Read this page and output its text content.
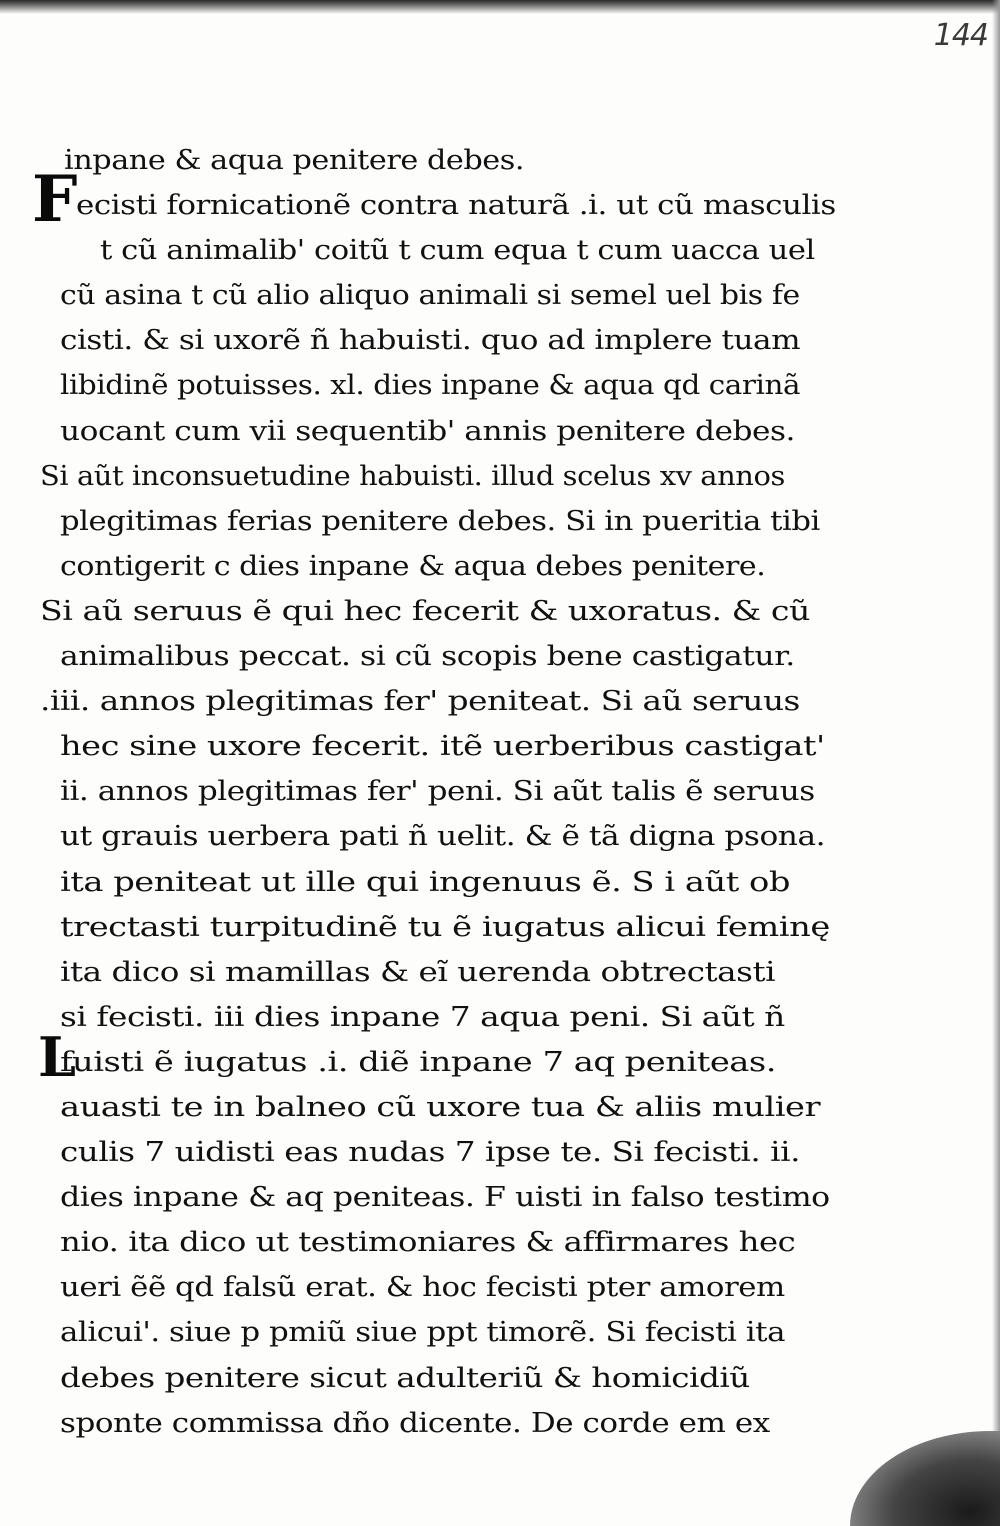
144
F
L
inpane & aqua penitere debes.
ecisti fornicationẽ contra naturã .i. ut cũ masculis
t cũ animalib' coitũ t cum equa t cum uacca uel
cũ asina t cũ alio aliquo animali si semel uel bis fe
cisti. & si uxorẽ ñ habuisti. quo ad implere tuam
libidinẽ potuisses. xl. dies inpane & aqua qd carinã
uocant cum vii sequentib' annis penitere debes.
Si aũt inconsuetudine habuisti. illud scelus xv annos
plegitimas ferias penitere debes. Si in pueritia tibi
contigerit c dies inpane & aqua debes penitere.
Si aũ seruus ẽ qui hec fecerit & uxoratus. & cũ
animalibus peccat. si cũ scopis bene castigatur.
.iii. annos plegitimas fer' peniteat. Si aũ seruus
hec sine uxore fecerit. itẽ uerberibus castigat'
ii. annos plegitimas fer' peni. Si aũt talis ẽ seruus
ut grauis uerbera pati ñ uelit. & ẽ tã digna psona.
ita peniteat ut ille qui ingenuus ẽ. S i aũt ob
trectasti turpitudinẽ tu ẽ iugatus alicui feminę
ita dico si mamillas & eĩ uerenda obtrectasti
si fecisti. iii dies inpane 7 aqua peni. Si aũt ñ
fuisti ẽ iugatus .i. diẽ inpane 7 aq peniteas.
auasti te in balneo cũ uxore tua & aliis mulier
culis 7 uidisti eas nudas 7 ipse te. Si fecisti. ii.
dies inpane & aq peniteas. F uisti in falso testimo
nio. ita dico ut testimoniares & affirmares hec
ueri ẽẽ qd falsũ erat. & hoc fecisti pter amorem
alicui'. siue p pmiũ siue ppt timorẽ. Si fecisti ita
debes penitere sicut adulteriũ & homicidiũ
sponte commissa dño dicente. De corde em ex
